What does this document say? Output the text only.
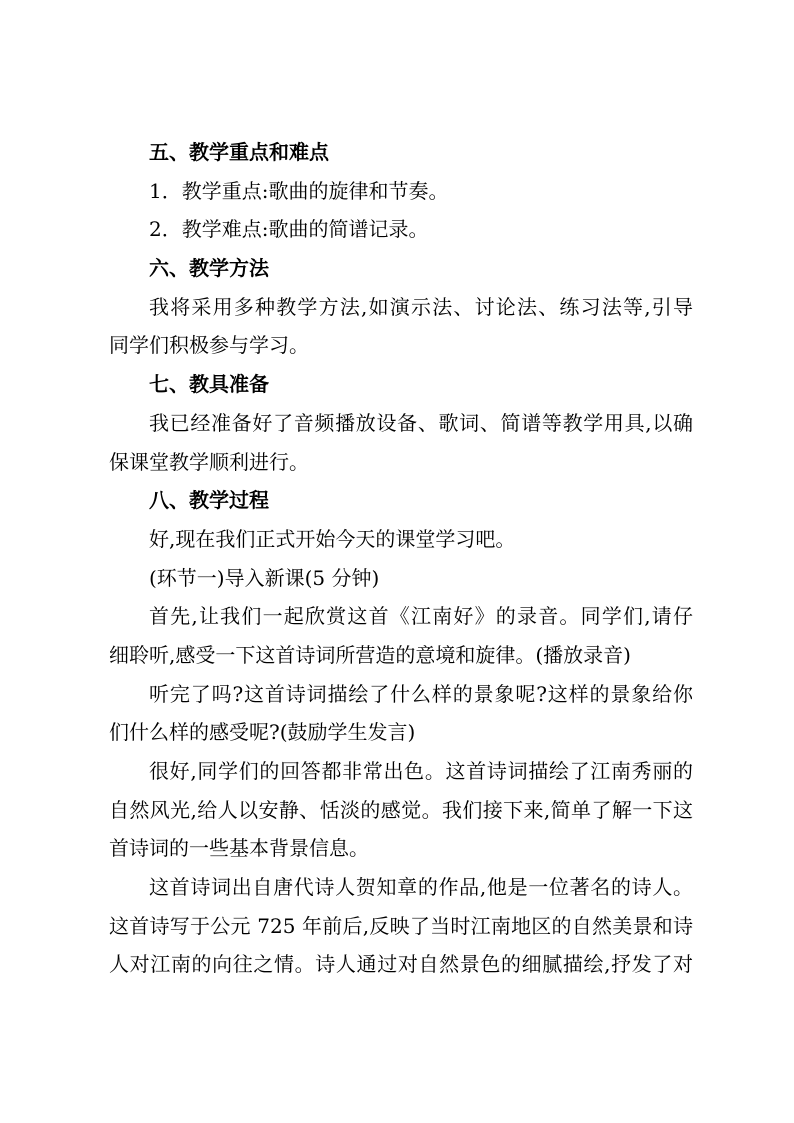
五、教学重点和难点
1．教学重点:歌曲的旋律和节奏。
2．教学难点:歌曲的简谱记录。
六、教学方法
我将采用多种教学方法,如演示法、讨论法、练习法等,引导
同学们积极参与学习。
七、教具准备
我已经准备好了音频播放设备、歌词、简谱等教学用具,以确
保课堂教学顺利进行。
八、教学过程
好,现在我们正式开始今天的课堂学习吧。
(环节一)导入新课(5 分钟)
首先,让我们一起欣赏这首《江南好》的录音。同学们,请仔
细聆听,感受一下这首诗词所营造的意境和旋律。(播放录音)
听完了吗?这首诗词描绘了什么样的景象呢?这样的景象给你
们什么样的感受呢?(鼓励学生发言)
很好,同学们的回答都非常出色。这首诗词描绘了江南秀丽的
自然风光,给人以安静、恬淡的感觉。我们接下来,简单了解一下这
首诗词的一些基本背景信息。
这首诗词出自唐代诗人贺知章的作品,他是一位著名的诗人。
这首诗写于公元 725 年前后,反映了当时江南地区的自然美景和诗
人对江南的向往之情。诗人通过对自然景色的细腻描绘,抒发了对
